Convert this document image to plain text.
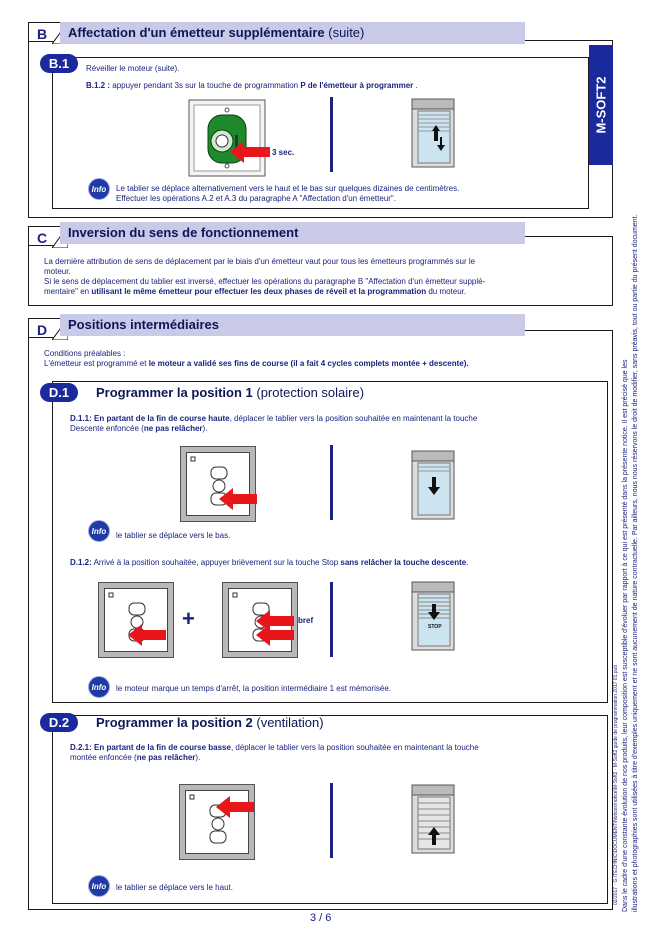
B	Affectation d'un émetteur supplémentaire (suite)
M-SOFT2
B.1	Réveiller le moteur (suite).
B.1.2 : appuyer pendant 3s sur la touche de programmation P de l'émetteur à programmer .
3 sec.
Info	Le tablier se déplace alternativement vers le haut et le bas sur quelques dizaines de centimètres.
Effectuer les opérations A.2 et A.3 du paragraphe A "Affectation d'un émetteur".
C	Inversion du sens de fonctionnement
La dernière attribution de sens de déplacement par le biais d'un émetteur vaut pour tous les émetteurs programmés sur le
moteur.
Si le sens de déplacement du tablier est inversé, effectuer les opérations du paragraphe B "Affectation d'un émetteur supplé-
mentaire" en utilisant le même émetteur pour effectuer les deux phases de réveil et la programmation du moteur.
D	Positions intermédiaires
Conditions préalables :
L'émetteur est programmé et le moteur a validé ses fins de course (il a fait 4 cycles complets montée + descente).
D.1	Programmer la position 1 (protection solaire)
D.1.1: En partant de la fin de course haute, déplacer le tablier vers la position souhaitée en maintenant la touche
Descente enfoncée (ne pas relâcher).
Info	le tablier se déplace vers le bas.
D.1.2: Arrivé à la position souhaitée, appuyer brièvement sur la touche Stop sans relâcher la touche descente.
+	bref
STOP
Info	le moteur marque un temps d'arrêt, la position intermédiaire 1 est mémorisée.
D.2	Programmer la position 2 (ventilation)
D.2.1: En partant de la fin de course basse, déplacer le tablier vers la position souhaitée en maintenant la touche
montée enfoncée (ne pas relâcher).
Info	le tablier se déplace vers le haut.
3 / 6
Dans le cadre d'une constante évolution de nos produits, leur composition est susceptible d'évoluer par rapport à ce qui est présenté dans la présente notice. Il est précisé que les illustrations et photographies sont utilisées à titre d'exemples uniquement et ne sont aucunement de nature contractuelle. Par ailleurs, nous nous réservons le droit de modifier, sans préavis, tout ou partie du présent document.
02/2017 · G:\TECHNIC\DOCUMENT\Notices\notice\M-Soft2 · M-Soft2 guide de programmation 2017 01.pub
